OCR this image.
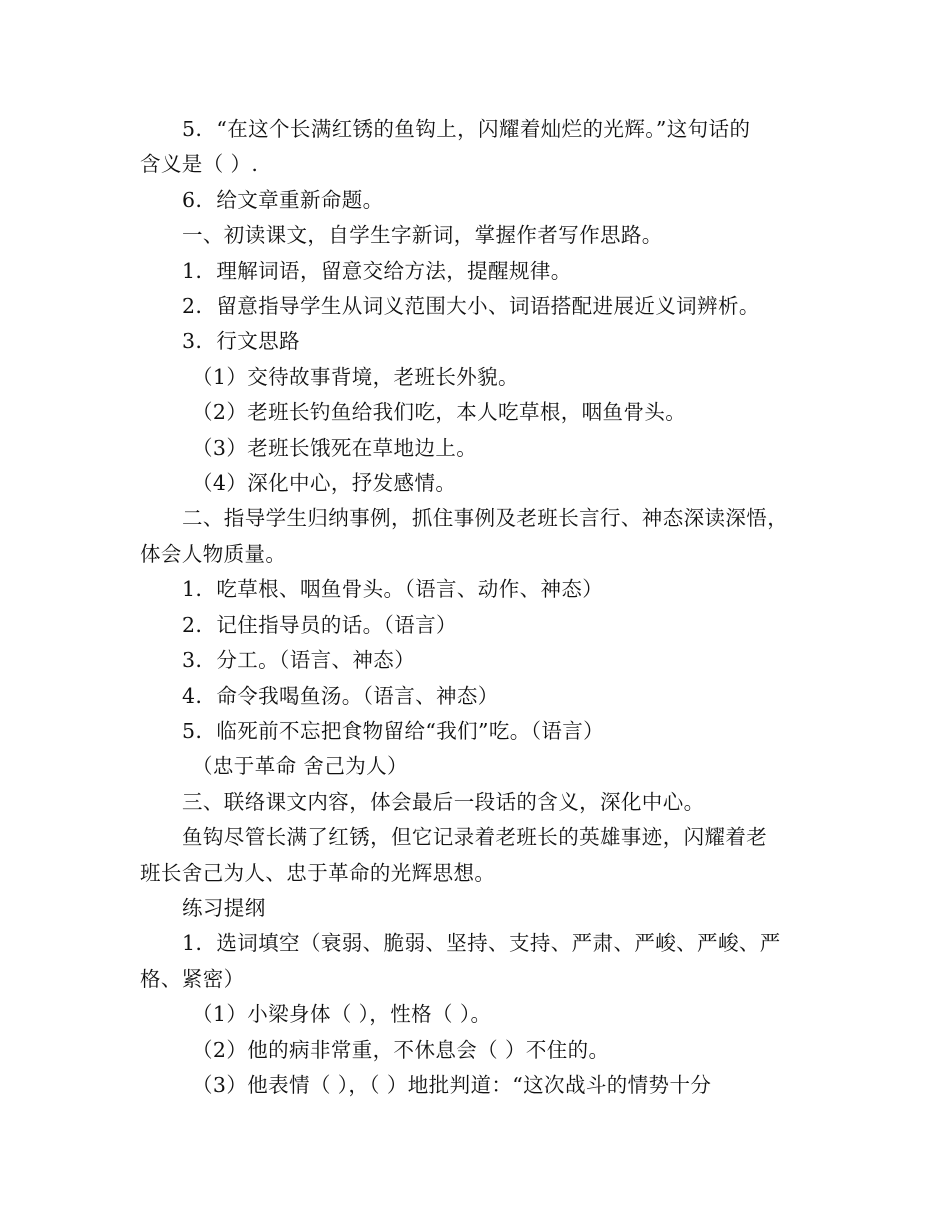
5．“在这个长满红锈的鱼钩上，闪耀着灿烂的光辉。”这句话的

含义是（ ）.

6．给文章重新命题。

一、初读课文，自学生字新词，掌握作者写作思路。

1．理解词语，留意交给方法，提醒规律。

2．留意指导学生从词义范围大小、词语搭配进展近义词辨析。

3．行文思路

（1）交待故事背境，老班长外貌。

（2）老班长钓鱼给我们吃，本人吃草根，咽鱼骨头。

（3）老班长饿死在草地边上。

（4）深化中心，抒发感情。

二、指导学生归纳事例，抓住事例及老班长言行、神态深读深悟，

体会人物质量。

1．吃草根、咽鱼骨头。（语言、动作、神态）

2．记住指导员的话。（语言）

3．分工。（语言、神态）

4．命令我喝鱼汤。（语言、神态）

5．临死前不忘把食物留给“我们”吃。（语言）

（忠于革命 舍己为人）

三、联络课文内容，体会最后一段话的含义，深化中心。

鱼钩尽管长满了红锈，但它记录着老班长的英雄事迹，闪耀着老

班长舍己为人、忠于革命的光辉思想。

练习提纲

1．选词填空（衰弱、脆弱、坚持、支持、严肃、严峻、严峻、严

格、紧密）

（1）小梁身体（ ），性格（ ）。

（2）他的病非常重，不休息会（ ）不住的。

（3）他表情（ ），（ ）地批判道：“这次战斗的情势十分
